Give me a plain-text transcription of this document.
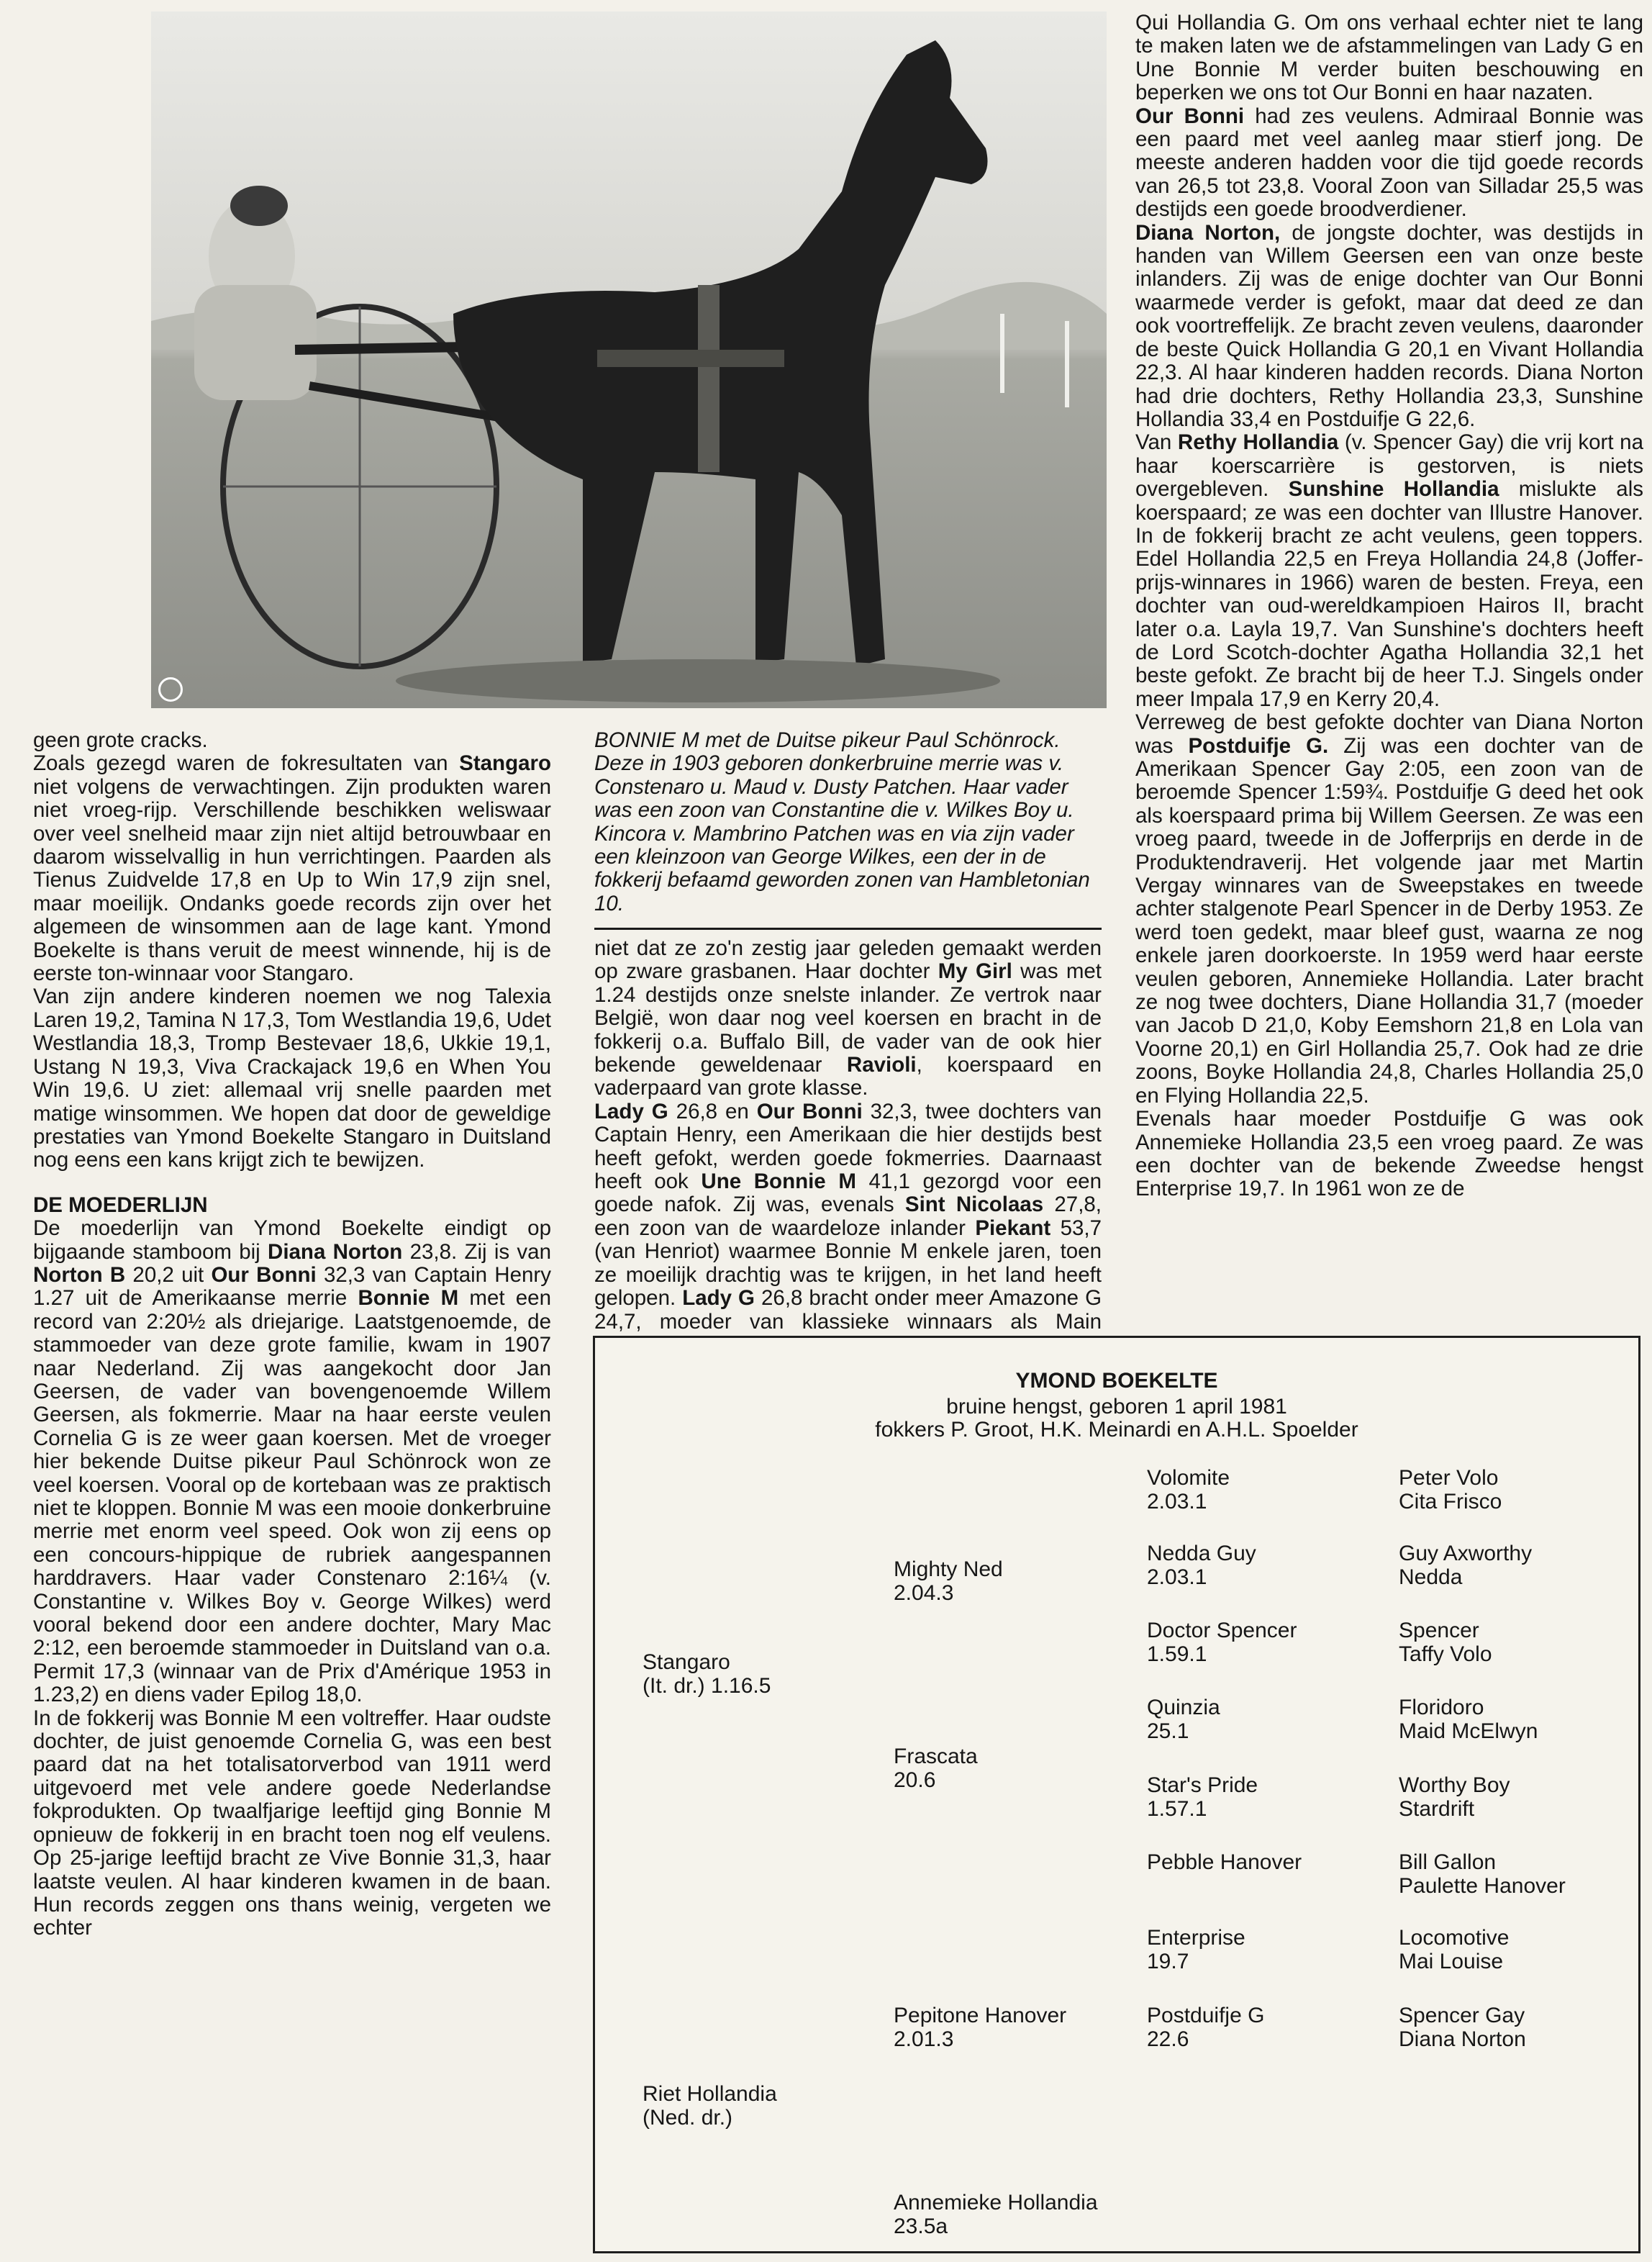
geen grote cracks.

Zoals gezegd waren de fokresultaten van Stangaro niet volgens de verwachtingen. Zijn produkten waren niet vroeg-rijp. Verschillende beschikken weliswaar over veel snelheid maar zijn niet altijd betrouwbaar en daarom wisselvallig in hun verrichtingen. Paarden als Tienus Zuidvelde 17,8 en Up to Win 17,9 zijn snel, maar moeilijk. Ondanks goede records zijn over het algemeen de winsommen aan de lage kant. Ymond Boekelte is thans veruit de meest winnende, hij is de eerste ton-winnaar voor Stangaro.

Van zijn andere kinderen noemen we nog Talexia Laren 19,2, Tamina N 17,3, Tom Westlandia 19,6, Udet Westlandia 18,3, Tromp Bestevaer 18,6, Ukkie 19,1, Ustang N 19,3, Viva Crackajack 19,6 en When You Win 19,6. U ziet: allemaal vrij snelle paarden met matige winsommen. We hopen dat door de geweldige prestaties van Ymond Boekelte Stangaro in Duitsland nog eens een kans krijgt zich te bewijzen.

DE MOEDERLIJN

De moederlijn van Ymond Boekelte eindigt op bijgaande stamboom bij Diana Norton 23,8. Zij is van Norton B 20,2 uit Our Bonni 32,3 van Captain Henry 1.27 uit de Amerikaanse merrie Bonnie M met een record van 2:20½ als driejarige. Laatstgenoemde, de stammoeder van deze grote familie, kwam in 1907 naar Nederland. Zij was aangekocht door Jan Geersen, de vader van bovengenoemde Willem Geersen, als fokmerrie. Maar na haar eerste veulen Cornelia G is ze weer gaan koersen. Met de vroeger hier bekende Duitse pikeur Paul Schönrock won ze veel koersen. Vooral op de kortebaan was ze praktisch niet te kloppen. Bonnie M was een mooie donkerbruine merrie met enorm veel speed. Ook won zij eens op een concours-hippique de rubriek aangespannen harddravers. Haar vader Constenaro 2:16¼ (v. Constantine v. Wilkes Boy v. George Wilkes) werd vooral bekend door een andere dochter, Mary Mac 2:12, een beroemde stammoeder in Duitsland van o.a. Permit 17,3 (winnaar van de Prix d'Amérique 1953 in 1.23,2) en diens vader Epilog 18,0.

In de fokkerij was Bonnie M een voltreffer. Haar oudste dochter, de juist genoemde Cornelia G, was een best paard dat na het totalisatorverbod van 1911 werd uitgevoerd met vele andere goede Nederlandse fokprodukten. Op twaalfjarige leeftijd ging Bonnie M opnieuw de fokkerij in en bracht toen nog elf veulens. Op 25-jarige leeftijd bracht ze Vive Bonnie 31,3, haar laatste veulen. Al haar kinderen kwamen in de baan. Hun records zeggen ons thans weinig, vergeten we echter

BONNIE M met de Duitse pikeur Paul Schönrock. Deze in 1903 geboren donkerbruine merrie was v. Constenaro u. Maud v. Dusty Patchen. Haar vader was een zoon van Constantine die v. Wilkes Boy u. Kincora v. Mambrino Patchen was en via zijn vader een kleinzoon van George Wilkes, een der in de fokkerij befaamd geworden zonen van Hambletonian 10.

niet dat ze zo'n zestig jaar geleden gemaakt werden op zware grasbanen. Haar dochter My Girl was met 1.24 destijds onze snelste inlander. Ze vertrok naar België, won daar nog veel koersen en bracht in de fokkerij o.a. Buffalo Bill, de vader van de ook hier bekende geweldenaar Ravioli, koerspaard en vaderpaard van grote klasse.

Lady G 26,8 en Our Bonni 32,3, twee dochters van Captain Henry, een Amerikaan die hier destijds best heeft gefokt, werden goede fokmerries. Daarnaast heeft ook Une Bonnie M 41,1 gezorgd voor een goede nafok. Zij was, evenals Sint Nicolaas 27,8, een zoon van de waardeloze inlander Piekant 53,7 (van Henriot) waarmee Bonnie M enkele jaren, toen ze moeilijk drachtig was te krijgen, in het land heeft gelopen. Lady G 26,8 bracht onder meer Amazone G 24,7, moeder van klassieke winnaars als Main

Qui Hollandia G. Om ons verhaal echter niet te lang te maken laten we de afstammelingen van Lady G en Une Bonnie M verder buiten beschouwing en beperken we ons tot Our Bonni en haar nazaten.

Our Bonni had zes veulens. Admiraal Bonnie was een paard met veel aanleg maar stierf jong. De meeste anderen hadden voor die tijd goede records van 26,5 tot 23,8. Vooral Zoon van Silladar 25,5 was destijds een goede broodverdiener.

Diana Norton, de jongste dochter, was destijds in handen van Willem Geersen een van onze beste inlanders. Zij was de enige dochter van Our Bonni waarmede verder is gefokt, maar dat deed ze dan ook voortreffelijk. Ze bracht zeven veulens, daaronder de beste Quick Hollandia G 20,1 en Vivant Hollandia 22,3. Al haar kinderen hadden records. Diana Norton had drie dochters, Rethy Hollandia 23,3, Sunshine Hollandia 33,4 en Postduifje G 22,6.

Van Rethy Hollandia (v. Spencer Gay) die vrij kort na haar koerscarrière is gestorven, is niets overgebleven. Sunshine Hollandia mislukte als koerspaard; ze was een dochter van Illustre Hanover. In de fokkerij bracht ze acht veulens, geen toppers. Edel Hollandia 22,5 en Freya Hollandia 24,8 (Joffer-prijs-winnares in 1966) waren de besten. Freya, een dochter van oud-wereldkampioen Hairos II, bracht later o.a. Layla 19,7. Van Sunshine's dochters heeft de Lord Scotch-dochter Agatha Hollandia 32,1 het beste gefokt. Ze bracht bij de heer T.J. Singels onder meer Impala 17,9 en Kerry 20,4.

Verreweg de best gefokte dochter van Diana Norton was Postduifje G. Zij was een dochter van de Amerikaan Spencer Gay 2:05, een zoon van de beroemde Spencer 1:59¾. Postduifje G deed het ook als koerspaard prima bij Willem Geersen. Ze was een vroeg paard, tweede in de Jofferprijs en derde in de Produktendraverij. Het volgende jaar met Martin Vergay winnares van de Sweepstakes en tweede achter stalgenote Pearl Spencer in de Derby 1953. Ze werd toen gedekt, maar bleef gust, waarna ze nog enkele jaren doorkoerste. In 1959 werd haar eerste veulen geboren, Annemieke Hollandia. Later bracht ze nog twee dochters, Diane Hollandia 31,7 (moeder van Jacob D 21,0, Koby Eemshorn 21,8 en Lola van Voorne 20,1) en Girl Hollandia 25,7. Ook had ze drie zoons, Boyke Hollandia 24,8, Charles Hollandia 25,0 en Flying Hollandia 22,5.

Evenals haar moeder Postduifje G was ook Annemieke Hollandia 23,5 een vroeg paard. Ze was een dochter van de bekende Zweedse hengst Enterprise 19,7. In 1961 won ze de

YMOND BOEKELTE
bruine hengst, geboren 1 april 1981
fokkers P. Groot, H.K. Meinardi en A.H.L. Spoelder
Stangaro
(It. dr.) 1.16.5
Riet Hollandia
(Ned. dr.)
Mighty Ned
2.04.3
Frascata
20.6
Pepitone Hanover
2.01.3
Annemieke Hollandia
23.5a
Volomite
2.03.1
Nedda Guy
2.03.1
Doctor Spencer
1.59.1
Quinzia
25.1
Star's Pride
1.57.1
Pebble Hanover
Enterprise
19.7
Postduifje G
22.6
Peter Volo
Cita Frisco
Guy Axworthy
Nedda
Spencer
Taffy Volo
Floridoro
Maid McElwyn
Worthy Boy
Stardrift
Bill Gallon
Paulette Hanover
Locomotive
Mai Louise
Spencer Gay
Diana Norton
